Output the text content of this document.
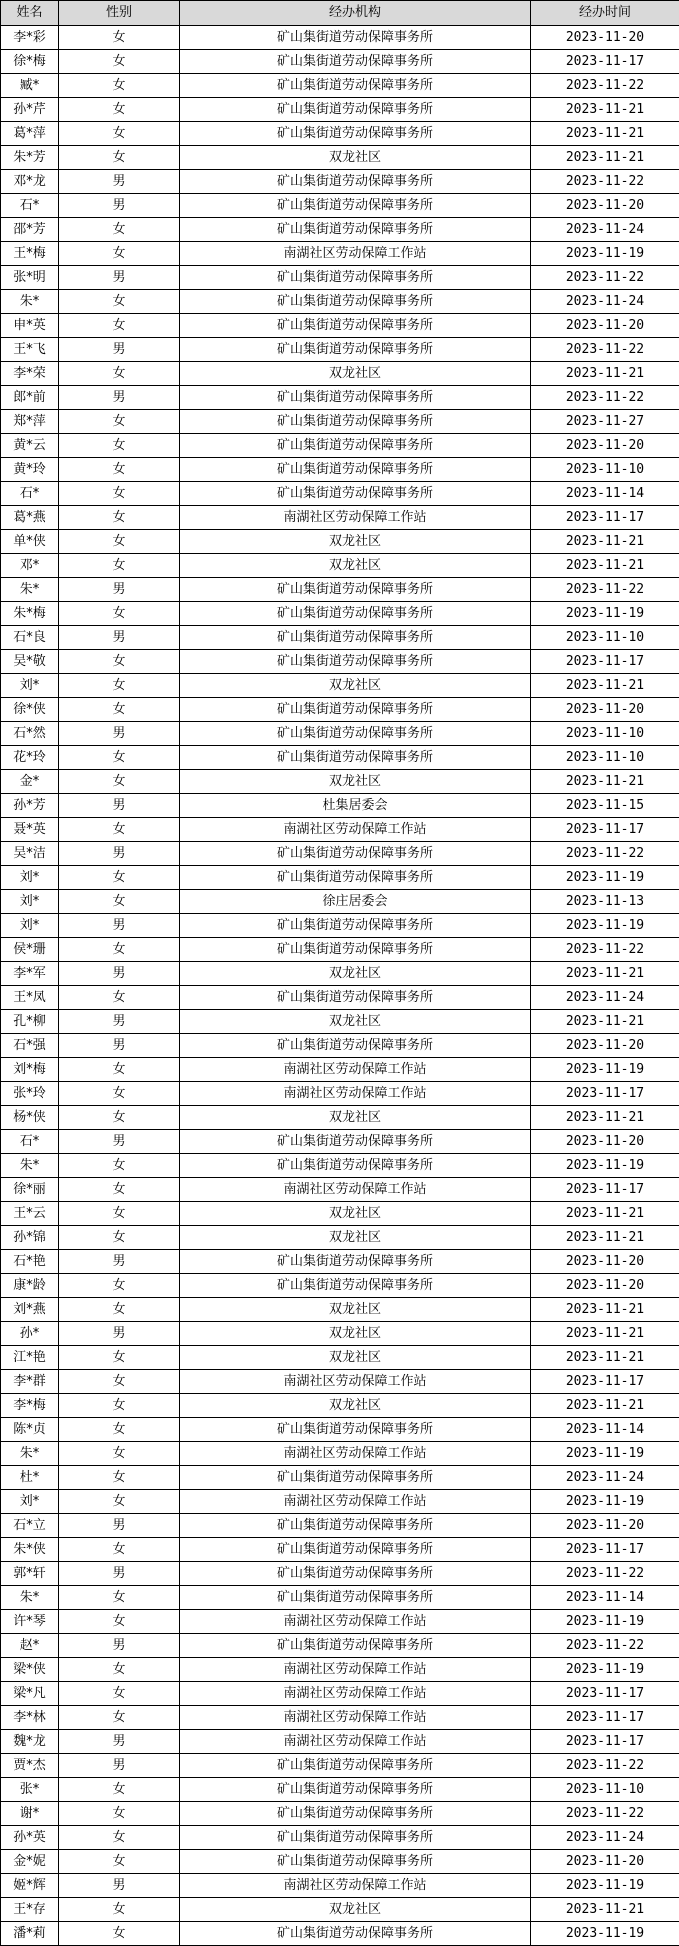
姓名	性别	经办机构	经办时间
李*彩	女	矿山集街道劳动保障事务所	2023-11-20
徐*梅	女	矿山集街道劳动保障事务所	2023-11-17
臧*	女	矿山集街道劳动保障事务所	2023-11-22
孙*芹	女	矿山集街道劳动保障事务所	2023-11-21
葛*萍	女	矿山集街道劳动保障事务所	2023-11-21
朱*芳	女	双龙社区	2023-11-21
邓*龙	男	矿山集街道劳动保障事务所	2023-11-22
石*	男	矿山集街道劳动保障事务所	2023-11-20
邵*芳	女	矿山集街道劳动保障事务所	2023-11-24
王*梅	女	南湖社区劳动保障工作站	2023-11-19
张*明	男	矿山集街道劳动保障事务所	2023-11-22
朱*	女	矿山集街道劳动保障事务所	2023-11-24
申*英	女	矿山集街道劳动保障事务所	2023-11-20
王*飞	男	矿山集街道劳动保障事务所	2023-11-22
李*荣	女	双龙社区	2023-11-21
郎*前	男	矿山集街道劳动保障事务所	2023-11-22
郑*萍	女	矿山集街道劳动保障事务所	2023-11-27
黄*云	女	矿山集街道劳动保障事务所	2023-11-20
黄*玲	女	矿山集街道劳动保障事务所	2023-11-10
石*	女	矿山集街道劳动保障事务所	2023-11-14
葛*燕	女	南湖社区劳动保障工作站	2023-11-17
单*侠	女	双龙社区	2023-11-21
邓*	女	双龙社区	2023-11-21
朱*	男	矿山集街道劳动保障事务所	2023-11-22
朱*梅	女	矿山集街道劳动保障事务所	2023-11-19
石*良	男	矿山集街道劳动保障事务所	2023-11-10
吴*敬	女	矿山集街道劳动保障事务所	2023-11-17
刘*	女	双龙社区	2023-11-21
徐*侠	女	矿山集街道劳动保障事务所	2023-11-20
石*然	男	矿山集街道劳动保障事务所	2023-11-10
花*玲	女	矿山集街道劳动保障事务所	2023-11-10
金*	女	双龙社区	2023-11-21
孙*芳	男	杜集居委会	2023-11-15
聂*英	女	南湖社区劳动保障工作站	2023-11-17
吴*洁	男	矿山集街道劳动保障事务所	2023-11-22
刘*	女	矿山集街道劳动保障事务所	2023-11-19
刘*	女	徐庄居委会	2023-11-13
刘*	男	矿山集街道劳动保障事务所	2023-11-19
侯*珊	女	矿山集街道劳动保障事务所	2023-11-22
李*军	男	双龙社区	2023-11-21
王*凤	女	矿山集街道劳动保障事务所	2023-11-24
孔*柳	男	双龙社区	2023-11-21
石*强	男	矿山集街道劳动保障事务所	2023-11-20
刘*梅	女	南湖社区劳动保障工作站	2023-11-19
张*玲	女	南湖社区劳动保障工作站	2023-11-17
杨*侠	女	双龙社区	2023-11-21
石*	男	矿山集街道劳动保障事务所	2023-11-20
朱*	女	矿山集街道劳动保障事务所	2023-11-19
徐*丽	女	南湖社区劳动保障工作站	2023-11-17
王*云	女	双龙社区	2023-11-21
孙*锦	女	双龙社区	2023-11-21
石*艳	男	矿山集街道劳动保障事务所	2023-11-20
康*龄	女	矿山集街道劳动保障事务所	2023-11-20
刘*燕	女	双龙社区	2023-11-21
孙*	男	双龙社区	2023-11-21
江*艳	女	双龙社区	2023-11-21
李*群	女	南湖社区劳动保障工作站	2023-11-17
李*梅	女	双龙社区	2023-11-21
陈*贞	女	矿山集街道劳动保障事务所	2023-11-14
朱*	女	南湖社区劳动保障工作站	2023-11-19
杜*	女	矿山集街道劳动保障事务所	2023-11-24
刘*	女	南湖社区劳动保障工作站	2023-11-19
石*立	男	矿山集街道劳动保障事务所	2023-11-20
朱*侠	女	矿山集街道劳动保障事务所	2023-11-17
郭*轩	男	矿山集街道劳动保障事务所	2023-11-22
朱*	女	矿山集街道劳动保障事务所	2023-11-14
许*琴	女	南湖社区劳动保障工作站	2023-11-19
赵*	男	矿山集街道劳动保障事务所	2023-11-22
梁*侠	女	南湖社区劳动保障工作站	2023-11-19
梁*凡	女	南湖社区劳动保障工作站	2023-11-17
李*林	女	南湖社区劳动保障工作站	2023-11-17
魏*龙	男	南湖社区劳动保障工作站	2023-11-17
贾*杰	男	矿山集街道劳动保障事务所	2023-11-22
张*	女	矿山集街道劳动保障事务所	2023-11-10
谢*	女	矿山集街道劳动保障事务所	2023-11-22
孙*英	女	矿山集街道劳动保障事务所	2023-11-24
金*妮	女	矿山集街道劳动保障事务所	2023-11-20
姬*辉	男	南湖社区劳动保障工作站	2023-11-19
王*存	女	双龙社区	2023-11-21
潘*莉	女	矿山集街道劳动保障事务所	2023-11-19
